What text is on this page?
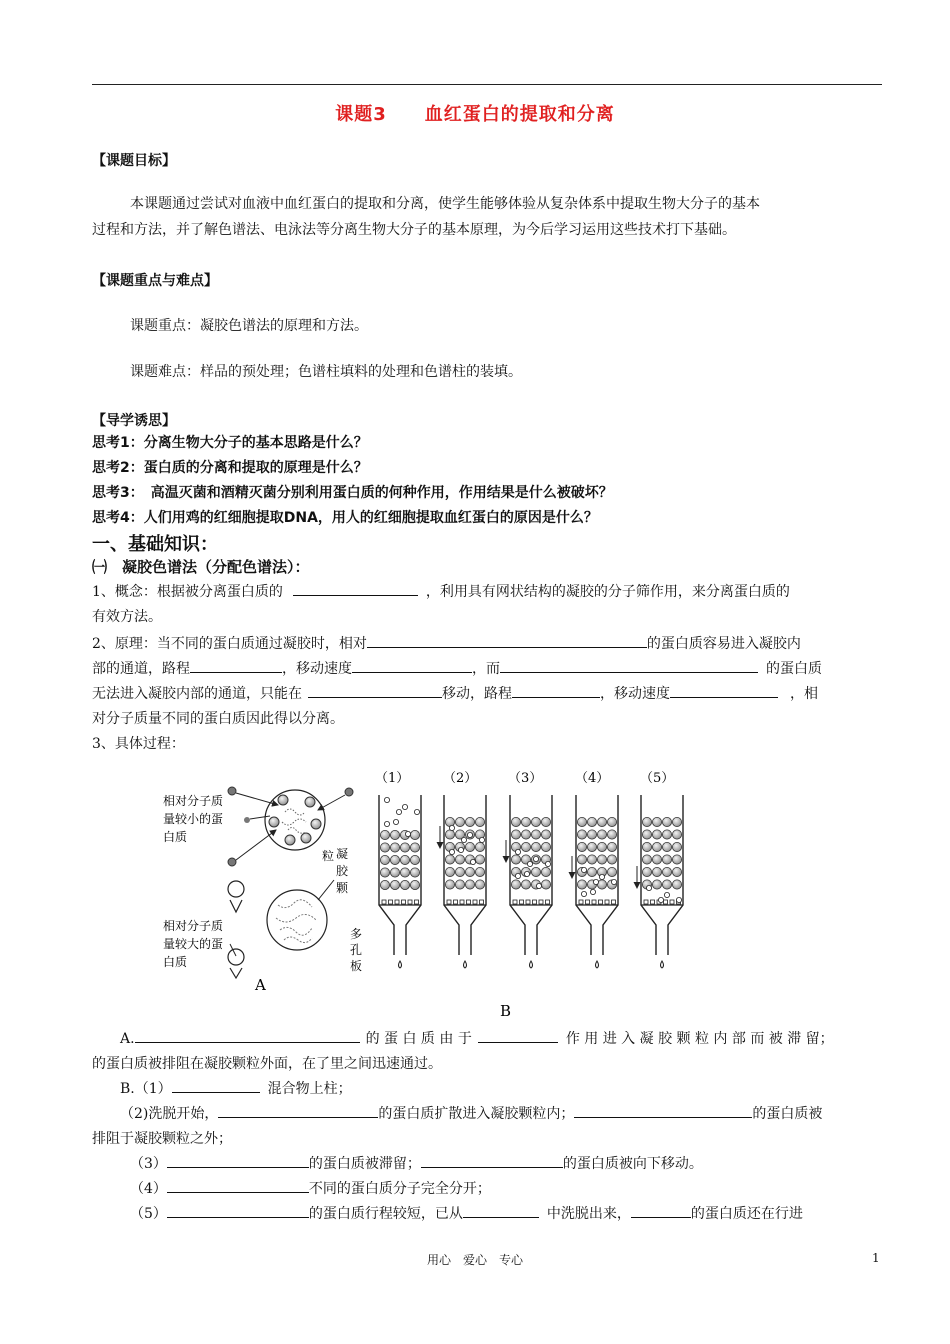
课题3　　血红蛋白的提取和分离
【课题目标】
本课题通过尝试对血液中血红蛋白的提取和分离，使学生能够体验从复杂体系中提取生物大分子的基本
过程和方法，并了解色谱法、电泳法等分离生物大分子的基本原理，为今后学习运用这些技术打下基础。
【课题重点与难点】
课题重点：凝胶色谱法的原理和方法。
课题难点：样品的预处理；色谱柱填料的处理和色谱柱的装填。
【导学诱思】
思考1：分离生物大分子的基本思路是什么？
思考2：蛋白质的分离和提取的原理是什么？
思考3：　高温灭菌和酒精灭菌分别利用蛋白质的何种作用，作用结果是什么被破坏？
思考4：人们用鸡的红细胞提取DNA，用人的红细胞提取血红蛋白的原因是什么？
一、基础知识：
㈠　凝胶色谱法（分配色谱法）：
1、概念：根据被分离蛋白质的	，利用具有网状结构的凝胶的分子筛作用，来分离蛋白质的
有效方法。
2、原理：当不同的蛋白质通过凝胶时，相对	的蛋白质容易进入凝胶内
部的通道，路程	，移动速度	，而	的蛋白质
无法进入凝胶内部的通道，只能在	移动，路程	，移动速度	，相
对分子质量不同的蛋白质因此得以分离。
3、具体过程：
相对分子质
量较小的蛋
白质
相对分子质
量较大的蛋
白质
粒 凝
胶
颗
多
孔
板
A
（1）	（2） （3）	（4） （5）
B
A.	的 蛋 白 质 由 于	作 用 进 入 凝 胶 颗 粒 内 部 而 被 滞 留；
的蛋白质被排阻在凝胶颗粒外面，在了里之间迅速通过。
B.（1）	混合物上柱；
（2)洗脱开始，	的蛋白质扩散进入凝胶颗粒内；	的蛋白质被
排阻于凝胶颗粒之外；
（3）	的蛋白质被滞留；	的蛋白质被向下移动。
（4）	不同的蛋白质分子完全分开；
（5）	的蛋白质行程较短，已从	中洗脱出来，	的蛋白质还在行进
用心　爱心　专心	1
